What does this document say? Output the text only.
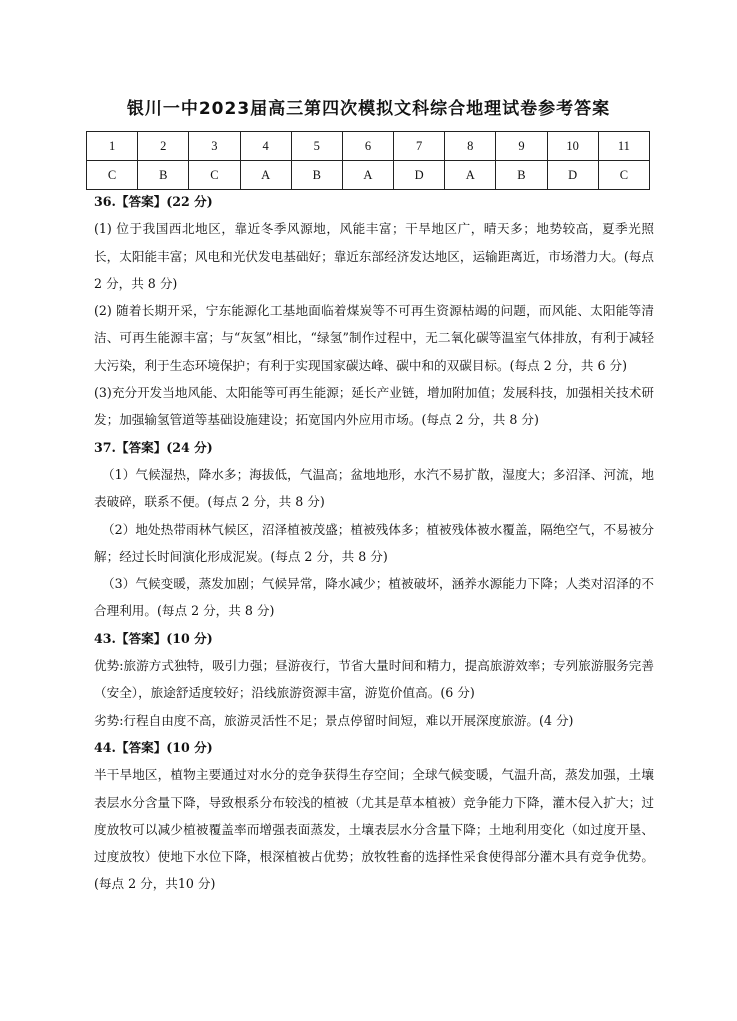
银川一中2023届高三第四次模拟文科综合地理试卷参考答案
1	2	3	4	5	6	7	8	9	10	11
C	B	C	A	B	A	D	A	B	D	C

36.【答案】(22 分)

(1) 位于我国西北地区，靠近冬季风源地，风能丰富；干旱地区广，晴天多；地势较高，夏季光照长，太阳能丰富；风电和光伏发电基础好；靠近东部经济发达地区，运输距离近，市场潜力大。(每点 2 分，共 8 分)

(2) 随着长期开采，宁东能源化工基地面临着煤炭等不可再生资源枯竭的问题，而风能、太阳能等清洁、可再生能源丰富；与“灰氢”相比，“绿氢”制作过程中，无二氧化碳等温室气体排放，有利于减轻大污染，利于生态环境保护；有利于实现国家碳达峰、碳中和的双碳目标。(每点 2 分，共 6 分)

(3)充分开发当地风能、太阳能等可再生能源；延长产业链，增加附加值；发展科技，加强相关技术研发；加强输氢管道等基础设施建设；拓宽国内外应用市场。(每点 2 分，共 8 分)

37.【答案】(24 分)

（1）气候湿热，降水多；海拔低，气温高；盆地地形，水汽不易扩散，湿度大；多沼泽、河流，地表破碎，联系不便。(每点 2 分，共 8 分)

（2）地处热带雨林气候区，沼泽植被茂盛；植被残体多；植被残体被水覆盖，隔绝空气，不易被分解；经过长时间演化形成泥炭。(每点 2 分，共 8 分)

（3）气候变暖，蒸发加剧；气候异常，降水减少；植被破坏，涵养水源能力下降；人类对沼泽的不合理利用。(每点 2 分，共 8 分)

43.【答案】(10 分)

优势:旅游方式独特，吸引力强；昼游夜行，节省大量时间和精力，提高旅游效率；专列旅游服务完善（安全），旅途舒适度较好；沿线旅游资源丰富，游览价值高。(6 分)

劣势:行程自由度不高，旅游灵活性不足；景点停留时间短，难以开展深度旅游。(4 分)

44.【答案】(10 分)

半干旱地区，植物主要通过对水分的竞争获得生存空间；全球气候变暖，气温升高，蒸发加强，土壤表层水分含量下降，导致根系分布较浅的植被（尤其是草本植被）竞争能力下降，灌木侵入扩大；过度放牧可以减少植被覆盖率而增强表面蒸发，土壤表层水分含量下降；土地利用变化（如过度开垦、过度放牧）使地下水位下降，根深植被占优势；放牧牲畜的选择性采食使得部分灌木具有竞争优势。(每点 2 分，共10 分)
